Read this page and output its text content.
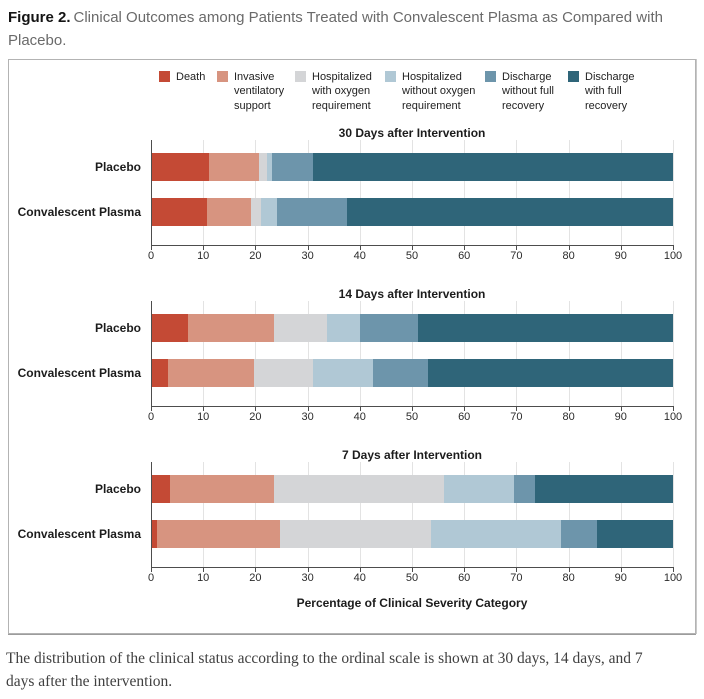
Figure 2. Clinical Outcomes among Patients Treated with Convalescent Plasma as Compared with Placebo.
Death	Invasive ventilatory support
Hospitalized with oxygen requirement
Hospitalized without oxygen requirement
Discharge without full recovery
Discharge with full recovery
Placebo
Convalescent Plasma
30 Days after Intervention
0	10	20	30	40	50	60	70	80	90	100
Placebo
Convalescent Plasma
14 Days after Intervention
0	10	20	30	40	50	60	70	80	90	100
Placebo
Convalescent Plasma
7 Days after Intervention
0	10	20	30	40	50	60	70	80	90	100
Percentage of Clinical Severity Category
The distribution of the clinical status according to the ordinal scale is shown at 30 days, 14 days, and 7 days after the intervention.
